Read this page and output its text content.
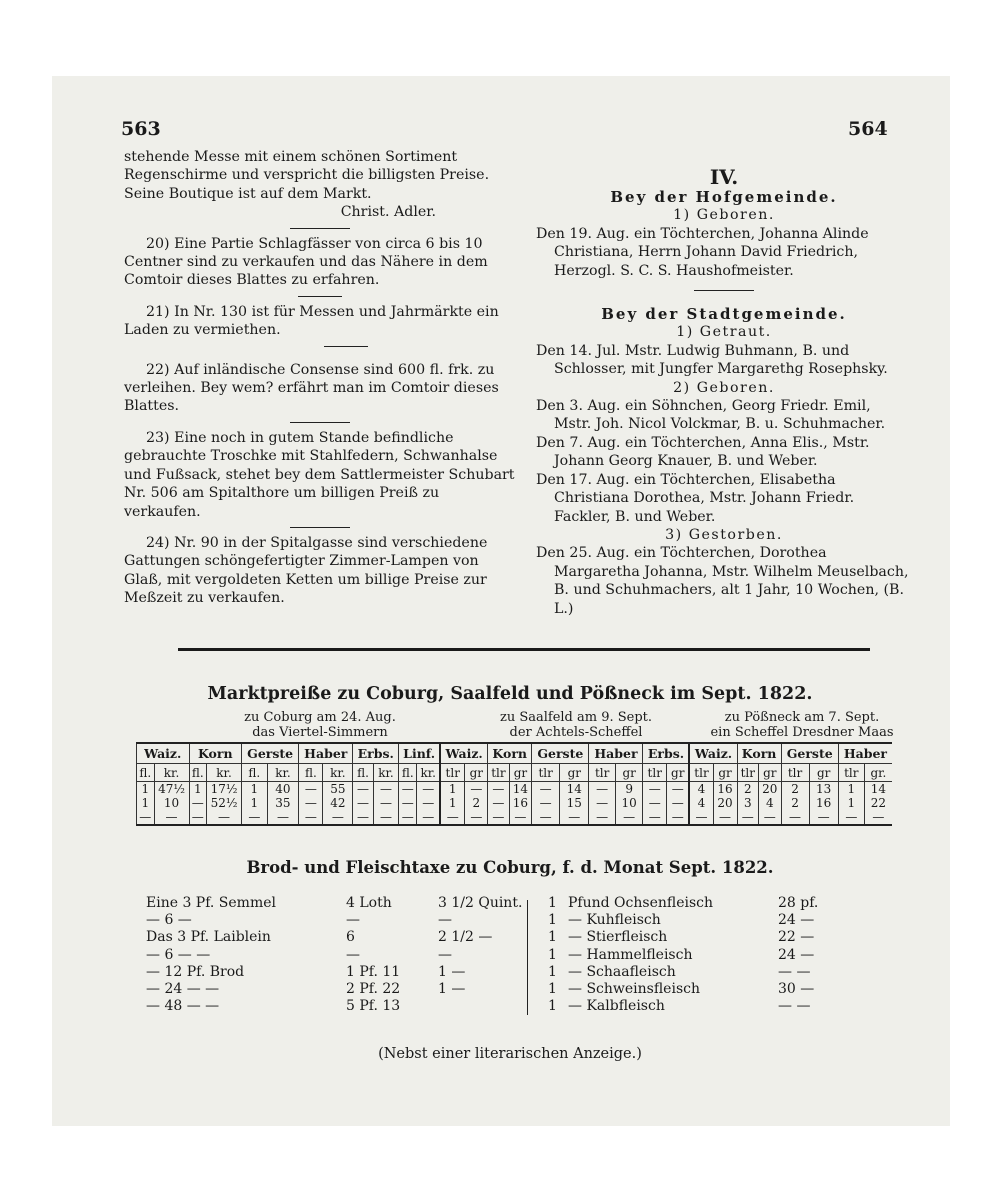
563	564

stehende Messe mit einem schönen Sortiment Regenschirme und verspricht die billigsten Preise. Seine Boutique ist auf dem Markt.

Christ. Adler.

20) Eine Partie Schlagfässer von circa 6 bis 10 Centner sind zu verkaufen und das Nähere in dem Comtoir dieses Blattes zu erfahren.

21) In Nr. 130 ist für Messen und Jahrmärkte ein Laden zu vermiethen.

22) Auf inländische Consense sind 600 fl. frk. zu verleihen. Bey wem? erfährt man im Comtoir dieses Blattes.

23) Eine noch in gutem Stande befindliche gebrauchte Troschke mit Stahlfedern, Schwanhalse und Fußsack, stehet bey dem Sattlermeister Schubart Nr. 506 am Spitalthore um billigen Preiß zu verkaufen.

24) Nr. 90 in der Spitalgasse sind verschiedene Gattungen schöngefertigter Zimmer-Lampen von Glaß, mit vergoldeten Ketten um billige Preise zur Meßzeit zu verkaufen.

IV.
Bey der Hofgemeinde.
1) Geboren.

Den 19. Aug. ein Töchterchen, Johanna Alinde Christiana, Herrn Johann David Friedrich, Herzogl. S. C. S. Haushofmeister.

Bey der Stadtgemeinde.
1) Getraut.

Den 14. Jul. Mstr. Ludwig Buhmann, B. und Schlosser, mit Jungfer Margarethg Rosephsky.

2) Geboren.

Den 3. Aug. ein Söhnchen, Georg Friedr. Emil, Mstr. Joh. Nicol Volckmar, B. u. Schuhmacher.

Den 7. Aug. ein Töchterchen, Anna Elis., Mstr. Johann Georg Knauer, B. und Weber.

Den 17. Aug. ein Töchterchen, Elisabetha Christiana Dorothea, Mstr. Johann Friedr. Fackler, B. und Weber.

3) Gestorben.

Den 25. Aug. ein Töchterchen, Dorothea Margaretha Johanna, Mstr. Wilhelm Meuselbach, B. und Schuhmachers, alt 1 Jahr, 10 Wochen, (B. L.)

Marktpreiße zu Coburg, Saalfeld und Pößneck im Sept. 1822.
zu Coburg am 24. Aug.
das Viertel-Simmern
zu Saalfeld am 9. Sept.
der Achtels-Scheffel
zu Pößneck am 7. Sept.
ein Scheffel Dresdner Maas
Waiz.		Korn		Gerste		Haber		Erbs.		Linf.		Waiz.		Korn		Gerste		Haber		Erbs.		Waiz.		Korn		Gerste		Haber	
fl.	kr.	fl.	kr.	fl.	kr.	fl.	kr.	fl.	kr.	fl.	kr.	tlr	gr	tlr	gr	tlr	gr	tlr	gr	tlr	gr	tlr	gr	tlr	gr	tlr	gr	tlr	gr.
1	47½	1	17½	1	40	—	55	—	—	—	—	1	—	—	14	—	14	—	9	—	—	4	16	2	20	2	13	1	14
1	10	—	52½	1	35	—	42	—	—	—	—	1	2	—	16	—	15	—	10	—	—	4	20	3	4	2	16	1	22
—	—	—	—	—	—	—	—	—	—	—	—	—	—	—	—	—	—	—	—	—	—	—	—	—	—	—	—	—	—
Brod- und Fleischtaxe zu Coburg, f. d. Monat Sept. 1822.
Eine 3 Pf. Semmel	4 Loth	3 1/2 Quint.
— 6 —	—	—
Das 3 Pf. Laiblein	6	2 1/2 —
— 6 — —	—	—
— 12 Pf. Brod	1 Pf. 11	1 —
— 24 — —	2 Pf. 22	1 —
— 48 — —	5 Pf. 13
1 Pfund Ochsenfleisch	28 pf.
1 — Kuhfleisch	24 —
1 — Stierfleisch	22 —
1 — Hammelfleisch	24 —
1 — Schaafleisch	— —
1 — Schweinsfleisch	30 —
1 — Kalbfleisch	— —
(Nebst einer literarischen Anzeige.)
